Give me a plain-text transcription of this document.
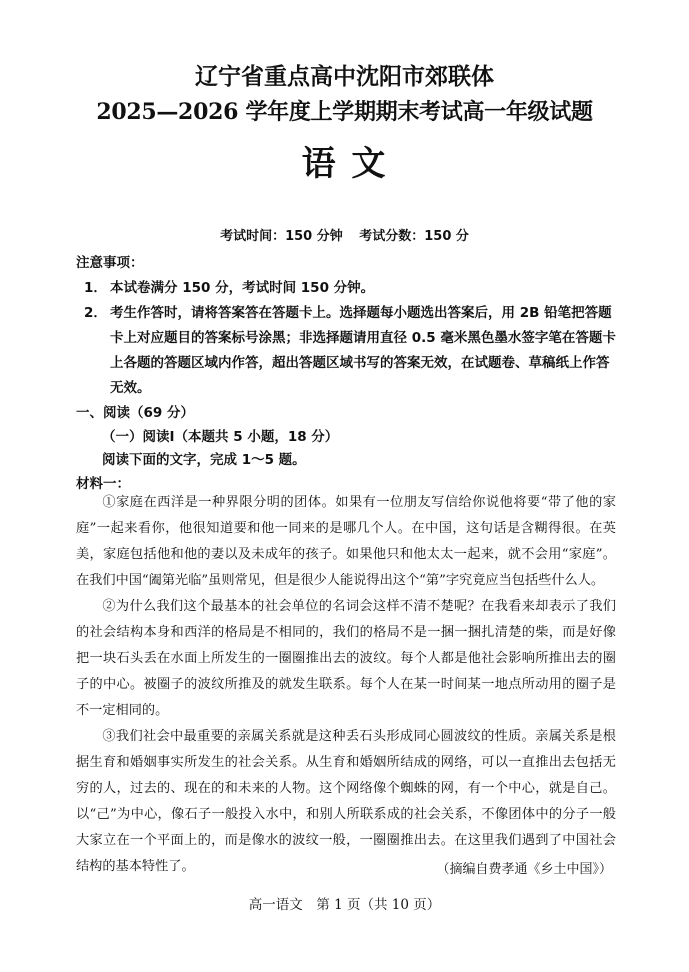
辽宁省重点高中沈阳市郊联体
2025—2026 学年度上学期期末考试高一年级试题
语 文
考试时间：150 分钟 考试分数：150 分
注意事项：
1． 本试卷满分 150 分，考试时间 150 分钟。
2． 考生作答时，请将答案答在答题卡上。选择题每小题选出答案后，用 2B 铅笔把答题卡上对应题目的答案标号涂黑；非选择题请用直径 0.5 毫米黑色墨水签字笔在答题卡上各题的答题区域内作答，超出答题区域书写的答案无效，在试题卷、草稿纸上作答无效。
一、阅读（69 分）
（一）阅读Ⅰ（本题共 5 小题，18 分）
阅读下面的文字，完成 1～5 题。
材料一：

①家庭在西洋是一种界限分明的团体。如果有一位朋友写信给你说他将要“带了他的家庭”一起来看你，他很知道要和他一同来的是哪几个人。在中国，这句话是含糊得很。在英美，家庭包括他和他的妻以及未成年的孩子。如果他只和他太太一起来，就不会用“家庭”。在我们中国“阖第光临”虽则常见，但是很少人能说得出这个“第”字究竟应当包括些什么人。

②为什么我们这个最基本的社会单位的名词会这样不清不楚呢？在我看来却表示了我们的社会结构本身和西洋的格局是不相同的，我们的格局不是一捆一捆扎清楚的柴，而是好像把一块石头丢在水面上所发生的一圈圈推出去的波纹。每个人都是他社会影响所推出去的圈子的中心。被圈子的波纹所推及的就发生联系。每个人在某一时间某一地点所动用的圈子是不一定相同的。

③我们社会中最重要的亲属关系就是这种丢石头形成同心圆波纹的性质。亲属关系是根据生育和婚姻事实所发生的社会关系。从生育和婚姻所结成的网络，可以一直推出去包括无穷的人，过去的、现在的和未来的人物。这个网络像个蜘蛛的网，有一个中心，就是自己。以“己”为中心，像石子一般投入水中，和别人所联系成的社会关系，不像团体中的分子一般大家立在一个平面上的，而是像水的波纹一般，一圈圈推出去。在这里我们遇到了中国社会结构的基本特性了。	（摘编自费孝通《乡土中国》）
高一语文　第 1 页（共 10 页）
